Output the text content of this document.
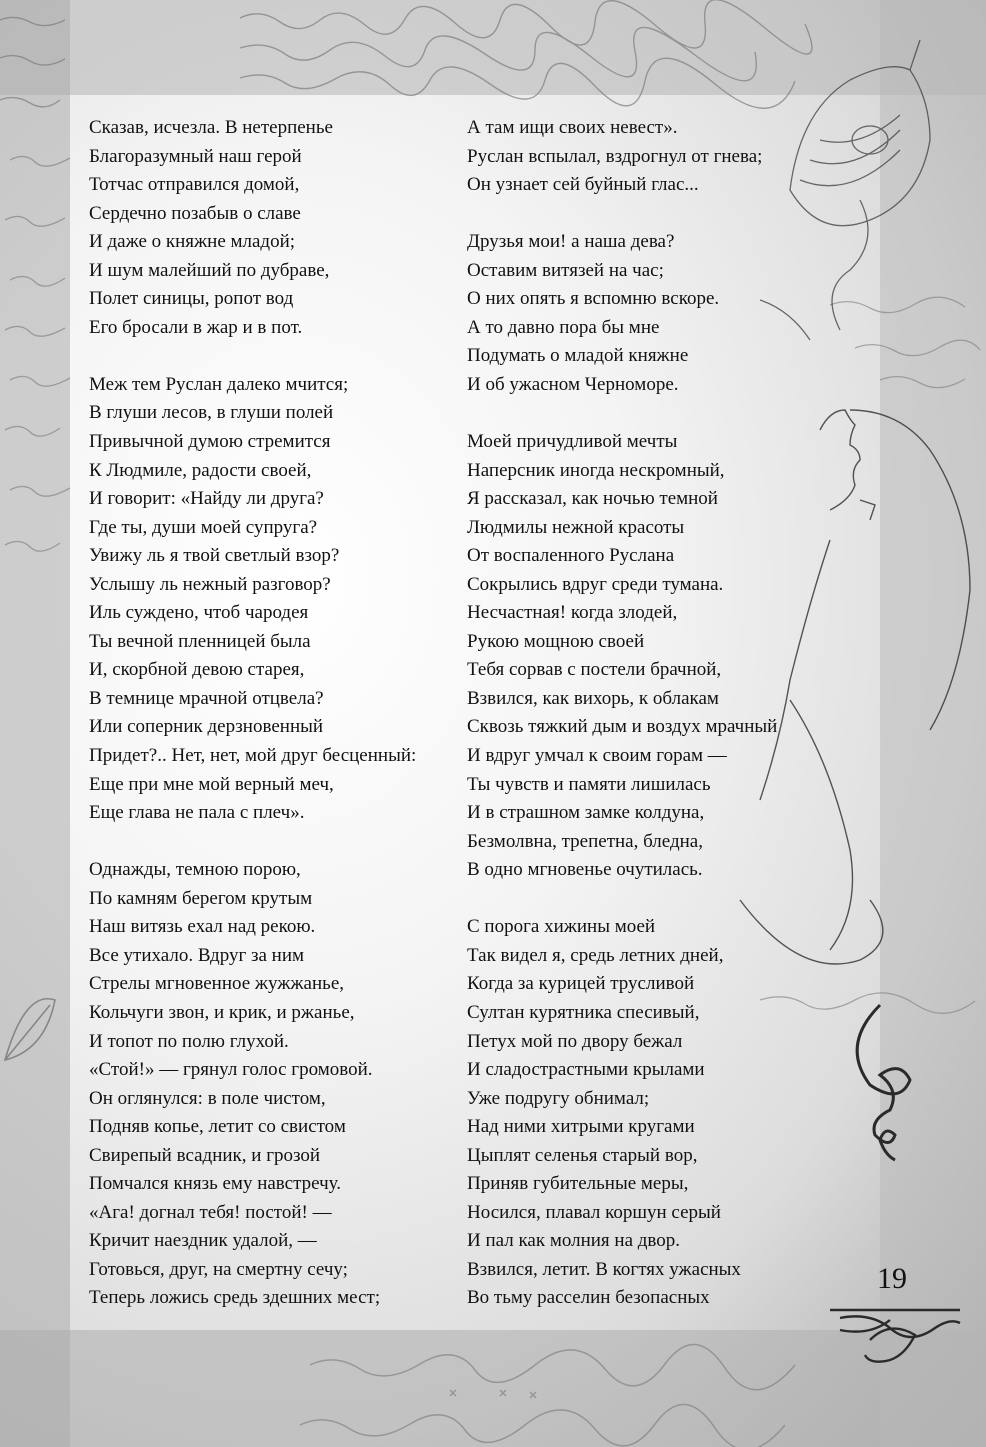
Сказав, исчезла. В нетерпенье
Благоразумный наш герой
Тотчас отправился домой,
Сердечно позабыв о славе
И даже о княжне младой;
И шум малейший по дубраве,
Полет синицы, ропот вод
Его бросали в жар и в пот.
Меж тем Руслан далеко мчится;
В глуши лесов, в глуши полей
Привычной думою стремится
К Людмиле, радости своей,
И говорит: «Найду ли друга?
Где ты, души моей супруга?
Увижу ль я твой светлый взор?
Услышу ль нежный разговор?
Иль суждено, чтоб чародея
Ты вечной пленницей была
И, скорбной девою старея,
В темнице мрачной отцвела?
Или соперник дерзновенный
Придет?.. Нет, нет, мой друг бесценный:
Еще при мне мой верный меч,
Еще глава не пала с плеч».
Однажды, темною порою,
По камням берегом крутым
Наш витязь ехал над рекою.
Все утихало. Вдруг за ним
Стрелы мгновенное жужжанье,
Кольчуги звон, и крик, и ржанье,
И топот по полю глухой.
«Стой!» — грянул голос громовой.
Он оглянулся: в поле чистом,
Подняв копье, летит со свистом
Свирепый всадник, и грозой
Помчался князь ему навстречу.
«Ага! догнал тебя! постой! —
Кричит наездник удалой, —
Готовься, друг, на смертну сечу;
Теперь ложись средь здешних мест;
А там ищи своих невест».
Руслан вспылал, вздрогнул от гнева;
Он узнает сей буйный глас...
Друзья мои! а наша дева?
Оставим витязей на час;
О них опять я вспомню вскоре.
А то давно пора бы мне
Подумать о младой княжне
И об ужасном Черноморе.
Моей причудливой мечты
Наперсник иногда нескромный,
Я рассказал, как ночью темной
Людмилы нежной красоты
От воспаленного Руслана
Сокрылись вдруг среди тумана.
Несчастная! когда злодей,
Рукою мощною своей
Тебя сорвав с постели брачной,
Взвился, как вихорь, к облакам
Сквозь тяжкий дым и воздух мрачный
И вдруг умчал к своим горам —
Ты чувств и памяти лишилась
И в страшном замке колдуна,
Безмолвна, трепетна, бледна,
В одно мгновенье очутилась.
С порога хижины моей
Так видел я, средь летних дней,
Когда за курицей трусливой
Султан курятника спесивый,
Петух мой по двору бежал
И сладострастными крылами
Уже подругу обнимал;
Над ними хитрыми кругами
Цыплят селенья старый вор,
Приняв губительные меры,
Носился, плавал коршун серый
И пал как молния на двор.
Взвился, летит. В когтях ужасных
Во тьму расселин безопасных
19
